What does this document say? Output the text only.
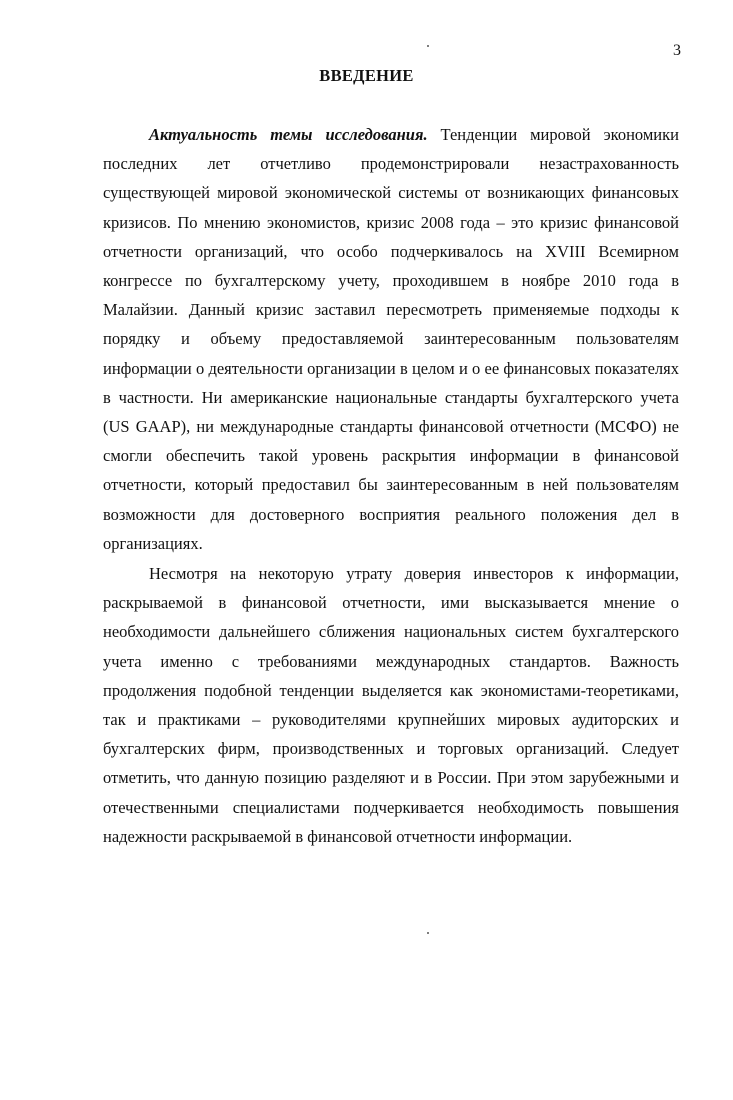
3
ВВЕДЕНИЕ

Актуальность темы исследования. Тенденции мировой экономики последних лет отчетливо продемонстрировали незастрахованность существующей мировой экономической системы от возникающих финансовых кризисов. По мнению экономистов, кризис 2008 года – это кризис финансовой отчетности организаций, что особо подчеркивалось на XVIII Всемирном конгрессе по бухгалтерскому учету, проходившем в ноябре 2010 года в Малайзии. Данный кризис заставил пересмотреть применяемые подходы к порядку и объему предоставляемой заинтересованным пользователям информации о деятельности организации в целом и о ее финансовых показателях в частности. Ни американские национальные стандарты бухгалтерского учета (US GAAP), ни международные стандарты финансовой отчетности (МСФО) не смогли обеспечить такой уровень раскрытия информации в финансовой отчетности, который предоставил бы заинтересованным в ней пользователям возможности для достоверного восприятия реального положения дел в организациях.

Несмотря на некоторую утрату доверия инвесторов к информации, раскрываемой в финансовой отчетности, ими высказывается мнение о необходимости дальнейшего сближения национальных систем бухгалтерского учета именно с требованиями международных стандартов. Важность продолжения подобной тенденции выделяется как экономистами-теоретиками, так и практиками – руководителями крупнейших мировых аудиторских и бухгалтерских фирм, производственных и торговых организаций. Следует отметить, что данную позицию разделяют и в России. При этом зарубежными и отечественными специалистами подчеркивается необходимость повышения надежности раскрываемой в финансовой отчетности информации.
